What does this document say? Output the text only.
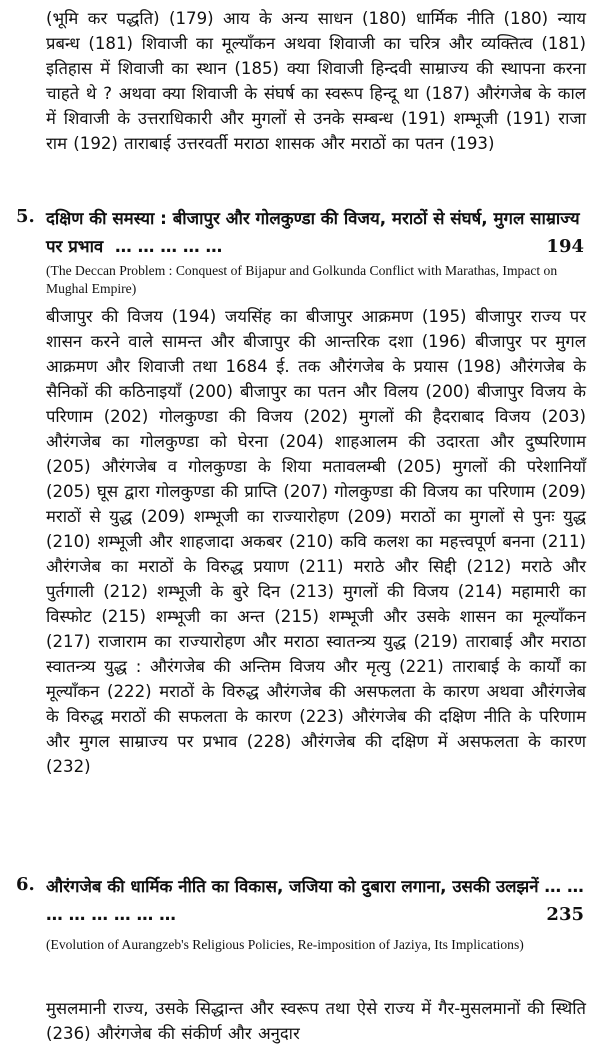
(भूमि कर पद्धति) (179) आय के अन्य साधन (180) धार्मिक नीति (180) न्याय प्रबन्ध (181) शिवाजी का मूल्यॉंकन अथवा शिवाजी का चरित्र और व्यक्तित्व (181) इतिहास में शिवाजी का स्थान (185) क्या शिवाजी हिन्दवी साम्राज्य की स्थापना करना चाहते थे ? अथवा क्या शिवाजी के संघर्ष का स्वरूप हिन्दू था (187) औरंगजेब के काल में शिवाजी के उत्तराधिकारी और मुगलों से उनके सम्बन्ध (191) शम्भूजी (191) राजा राम (192) ताराबाई उत्तरवर्ती मराठा शासक और मराठों का पतन (193)

5. दक्षिण की समस्या : बीजापुर और गोलकुण्डा की विजय, मराठों से संघर्ष, मुगल साम्राज्य पर प्रभाव … … … … …	194

(The Deccan Problem : Conquest of Bijapur and Golkunda Conflict with Marathas, Impact on Mughal Empire)

बीजापुर की विजय (194) जयसिंह का बीजापुर आक्रमण (195) बीजापुर राज्य पर शासन करने वाले सामन्त और बीजापुर की आन्तरिक दशा (196) बीजापुर पर मुगल आक्रमण और शिवाजी तथा 1684 ई. तक औरंगजेब के प्रयास (198) औरंगजेब के सैनिकों की कठिनाइयॉं (200) बीजापुर का पतन और विलय (200) बीजापुर विजय के परिणाम (202) गोलकुण्डा की विजय (202) मुगलों की हैदराबाद विजय (203) औरंगजेब का गोलकुण्डा को घेरना (204) शाहआलम की उदारता और दुष्परिणाम (205) औरंगजेब व गोलकुण्डा के शिया मतावलम्बी (205) मुगलों की परेशानियॉं (205) घूस द्वारा गोलकुण्डा की प्राप्ति (207) गोलकुण्डा की विजय का परिणाम (209) मराठों से युद्ध (209) शम्भूजी का राज्यारोहण (209) मराठों का मुगलों से पुनः युद्ध (210) शम्भूजी और शाहजादा अकबर (210) कवि कलश का महत्त्वपूर्ण बनना (211) औरंगजेब का मराठों के विरुद्ध प्रयाण (211) मराठे और सिद्दी (212) मराठे और पुर्तगाली (212) शम्भूजी के बुरे दिन (213) मुगलों की विजय (214) महामारी का विस्फोट (215) शम्भूजी का अन्त (215) शम्भूजी और उसके शासन का मूल्यॉंकन (217) राजाराम का राज्यारोहण और मराठा स्वातन्त्र्य युद्ध (219) ताराबाई और मराठा स्वातन्त्र्य युद्ध : औरंगजेब की अन्तिम विजय और मृत्यु (221) ताराबाई के कार्यों का मूल्यॉंकन (222) मराठों के विरुद्ध औरंगजेब की असफलता के कारण अथवा औरंगजेब के विरुद्ध मराठों की सफलता के कारण (223) औरंगजेब की दक्षिण नीति के परिणाम और मुगल साम्राज्य पर प्रभाव (228) औरंगजेब की दक्षिण में असफलता के कारण (232)

6. औरंगजेब की धार्मिक नीति का विकास, जजिया को दुबारा लगाना, उसकी उलझनें … … … … … … … …	235

(Evolution of Aurangzeb's Religious Policies, Re-imposition of Jaziya, Its Implications)

मुसलमानी राज्य, उसके सिद्धान्त और स्वरूप तथा ऐसे राज्य में गैर-मुसलमानों की स्थिति (236) औरंगजेब की संकीर्ण और अनुदार
